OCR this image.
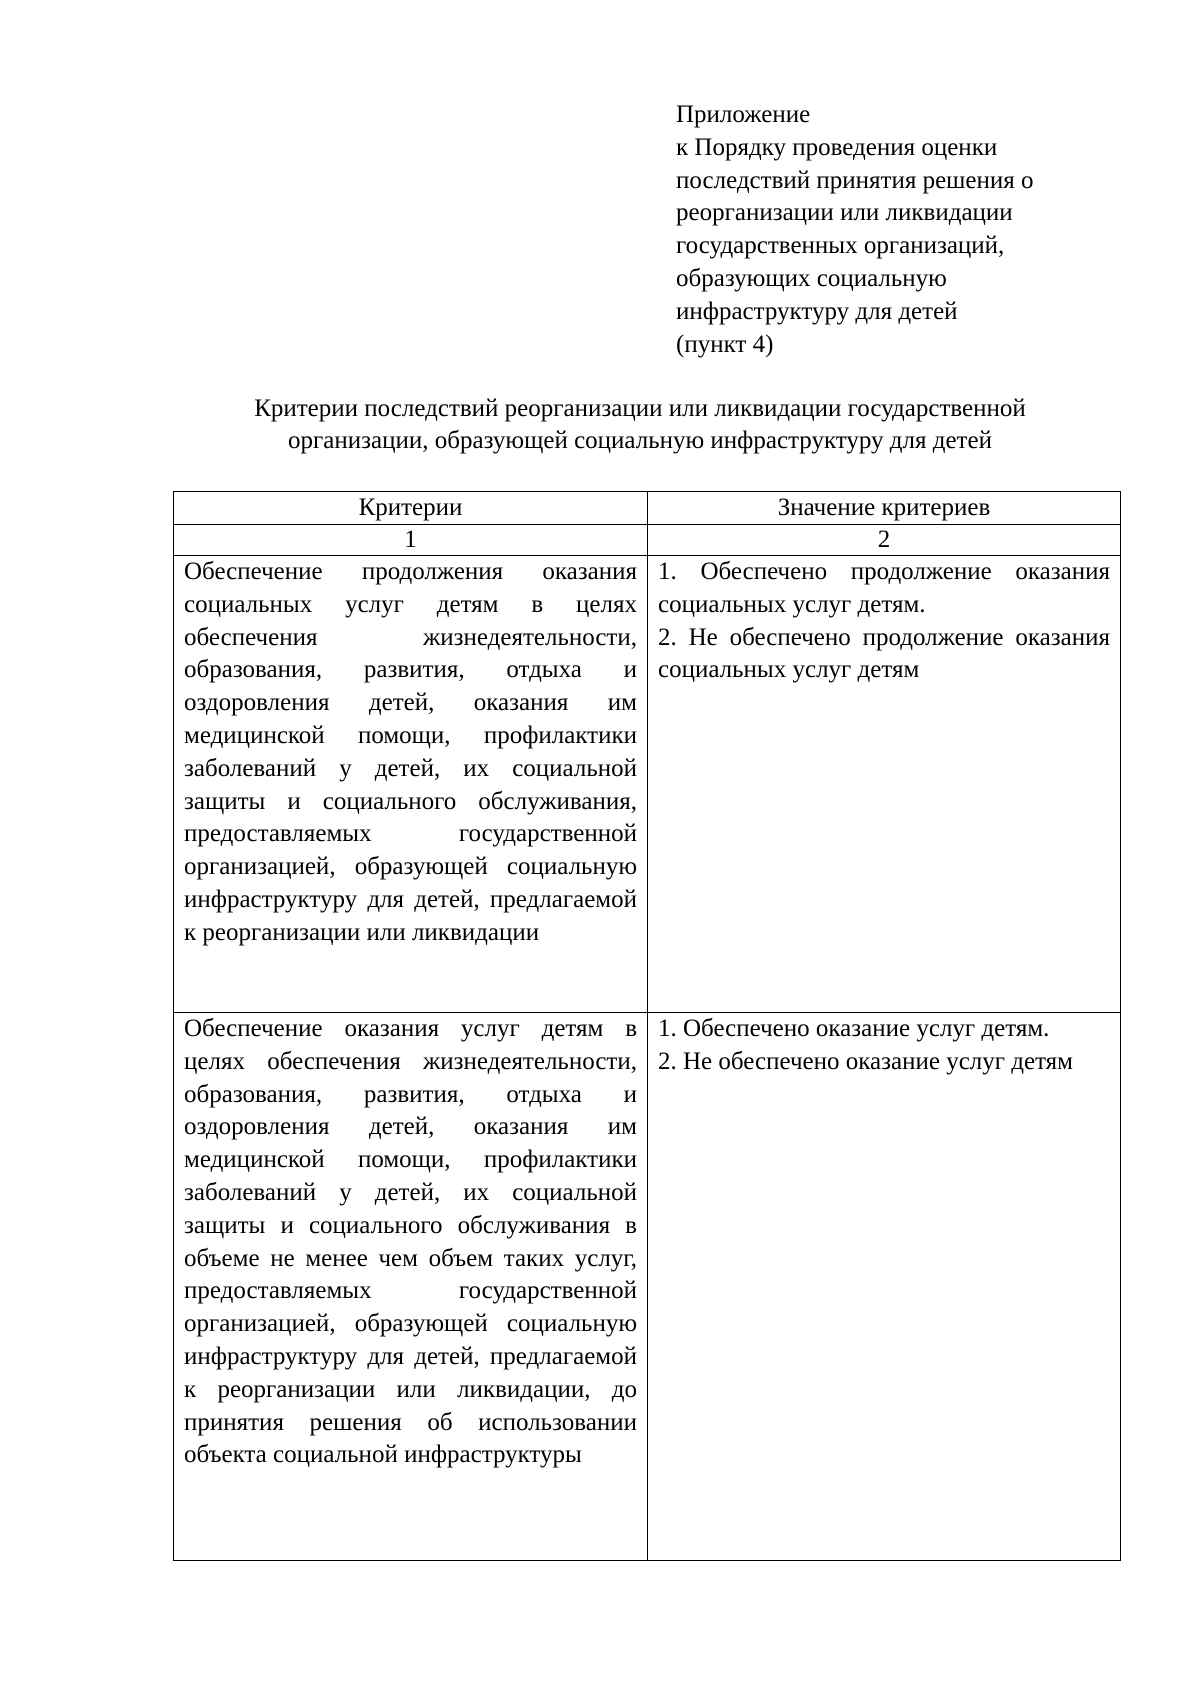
Приложение
к Порядку проведения оценки
последствий принятия решения о
реорганизации или ликвидации
государственных организаций,
образующих социальную
инфраструктуру для детей
(пункт 4)
Критерии последствий реорганизации или ликвидации государственной
организации, образующей социальную инфраструктуру для детей
Критерии	Значение критериев
1	2
Обеспечение продолжения оказания социальных услуг детям в целях обеспечения жизнедеятельности, образования, развития, отдыха и оздоровления детей, оказания им медицинской помощи, профилактики заболеваний у детей, их социальной защиты и социального обслуживания, предоставляемых государственной организацией, образующей социальную инфраструктуру для детей, предлагаемой к реорганизации или ликвидации	1. Обеспечено продолжение оказания социальных услуг детям.
2. Не обеспечено продолжение оказания социальных услуг детям

Обеспечение оказания услуг детям в целях обеспечения жизнедеятельности, образования, развития, отдыха и оздоровления детей, оказания им медицинской помощи, профилактики заболеваний у детей, их социальной защиты и социального обслуживания в объеме не менее чем объем таких услуг, предоставляемых государственной организацией, образующей социальную инфраструктуру для детей, предлагаемой к реорганизации или ликвидации, до принятия решения об использовании объекта социальной инфраструктуры	1. Обеспечено оказание услуг детям.
2. Не обеспечено оказание услуг детям
